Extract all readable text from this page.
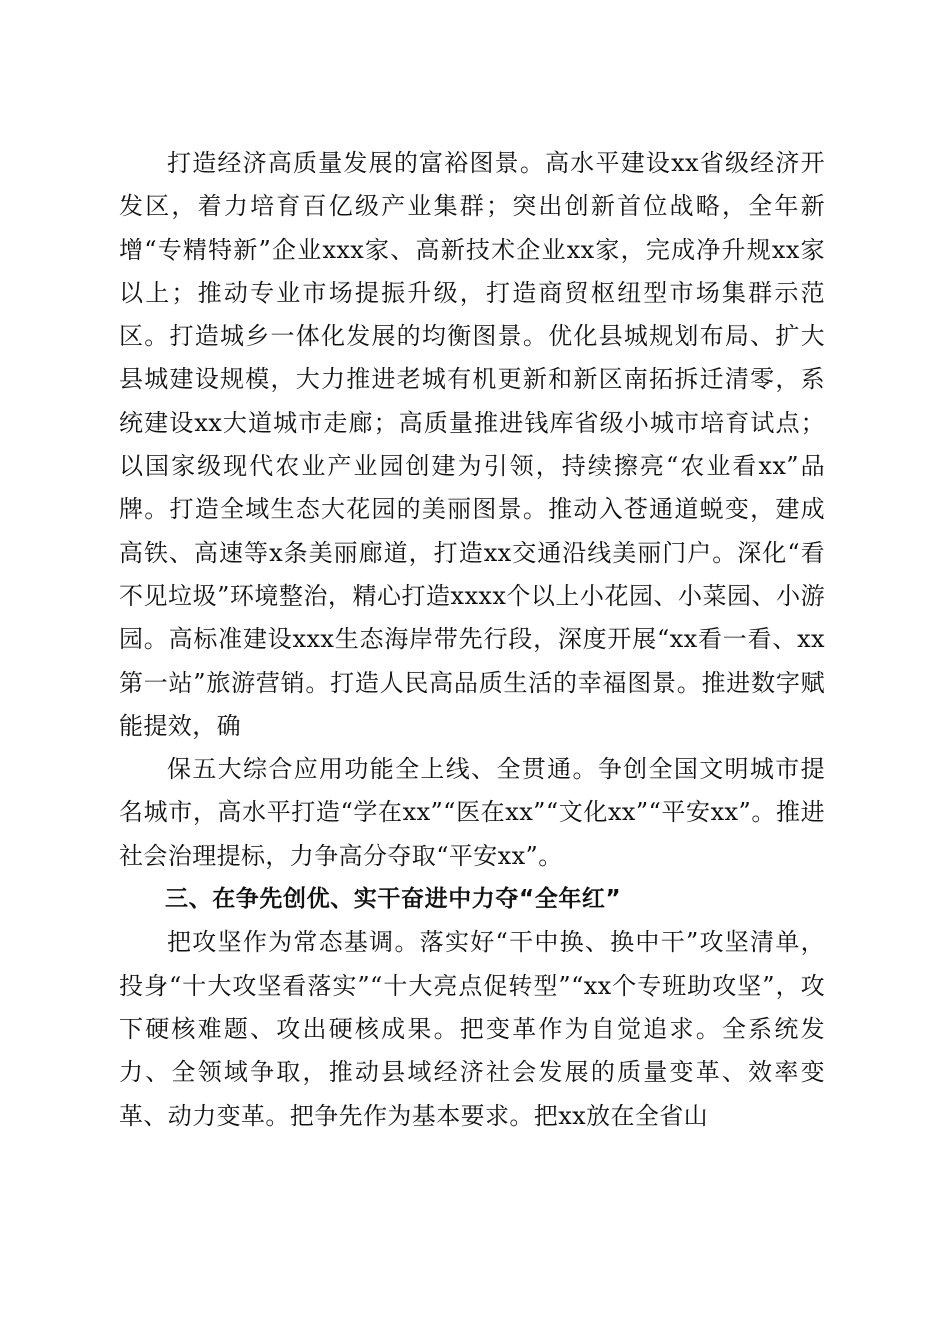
打造经济高质量发展的富裕图景。高水平建设xx省级经济开发区，着力培育百亿级产业集群；突出创新首位战略，全年新增“专精特新”企业xxx家、高新技术企业xx家，完成净升规xx家以上；推动专业市场提振升级，打造商贸枢纽型市场集群示范区。打造城乡一体化发展的均衡图景。优化县城规划布局、扩大县城建设规模，大力推进老城有机更新和新区南拓拆迁清零，系统建设xx大道城市走廊；高质量推进钱库省级小城市培育试点；以国家级现代农业产业园创建为引领，持续擦亮“农业看xx”品牌。打造全域生态大花园的美丽图景。推动入苍通道蜕变，建成高铁、高速等x条美丽廊道，打造xx交通沿线美丽门户。深化“看不见垃圾”环境整治，精心打造xxxx个以上小花园、小菜园、小游园。高标准建设xxx生态海岸带先行段，深度开展“xx看一看、xx第一站”旅游营销。打造人民高品质生活的幸福图景。推进数字赋能提效，确

保五大综合应用功能全上线、全贯通。争创全国文明城市提名城市，高水平打造“学在xx”“医在xx”“文化xx”“平安xx”。推进社会治理提标，力争高分夺取“平安xx”。

三、在争先创优、实干奋进中力夺“全年红”

把攻坚作为常态基调。落实好“干中换、换中干”攻坚清单，投身“十大攻坚看落实”“十大亮点促转型”“xx个专班助攻坚”，攻下硬核难题、攻出硬核成果。把变革作为自觉追求。全系统发力、全领域争取，推动县域经济社会发展的质量变革、效率变革、动力变革。把争先作为基本要求。把xx放在全省山
